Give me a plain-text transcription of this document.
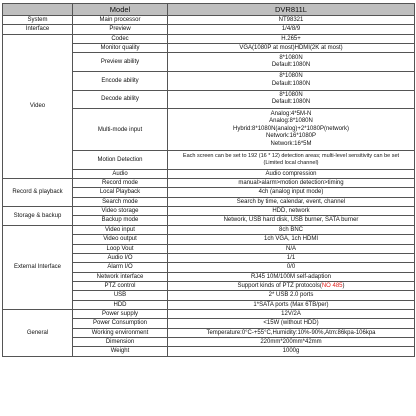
	Model	DVR811L	
System	Main processor	NT98321	
Interface	Preview	1/4/8/9	
Video	Codec	H.265+	
	Monitor quality	VGA(1080P at most)HDMI(2K at most)	
	Preview ability	8*1080N
Default:1080N	

	Encode ability	8*1080N
Default:1080N	

	Decode ability	8*1080N
Default:1080N	

	Multi-mode input	Analog:4*5M-N
Analog:8*1080N
Hybrid:8*1080N(analog)+2*1080P(network)
Network:16*1080P
Network:16*5M	

	Motion Detection	Each screen can be set to 192 (16 * 12) detection areas; multi-level sensitivity can be set
(Limited local channel)	

	Audio	Audio compression	
Record & playback	Record mode	manual>alarm>motion detection>timing	
	Local Playback	4ch (analog input mode)	
	Search mode	Search by time, calendar, event, channel	
Storage & backup	Video storage	HDD, network	
	Backup mode	Network, USB hard disk, USB burner, SATA burner	
External Interface	Video input	8ch BNC	
	Video output	1ch VGA, 1ch HDMI	
	Loop Vout	N/A	
	Audio I/O	1/1	
	Alarm I/O	0/0	
	Network interface	RJ45 10M/100M self-adaption	
	PTZ control	Support kinds of PTZ protocols(NO 485)	
	USB	2* USB 2.0 ports	
	HDD	1*SATA ports (Max 6TB/per)	
General	Power supply	12V/2A	
	Power Consumption	<15W (without HDD)	
	Working environment	Temperature:0°C-+55°C,Humidity:10%-90%,Atm:86kpa-106kpa	
	Dimension	220mm*200mm*42mm	
	Weight	1000g	
